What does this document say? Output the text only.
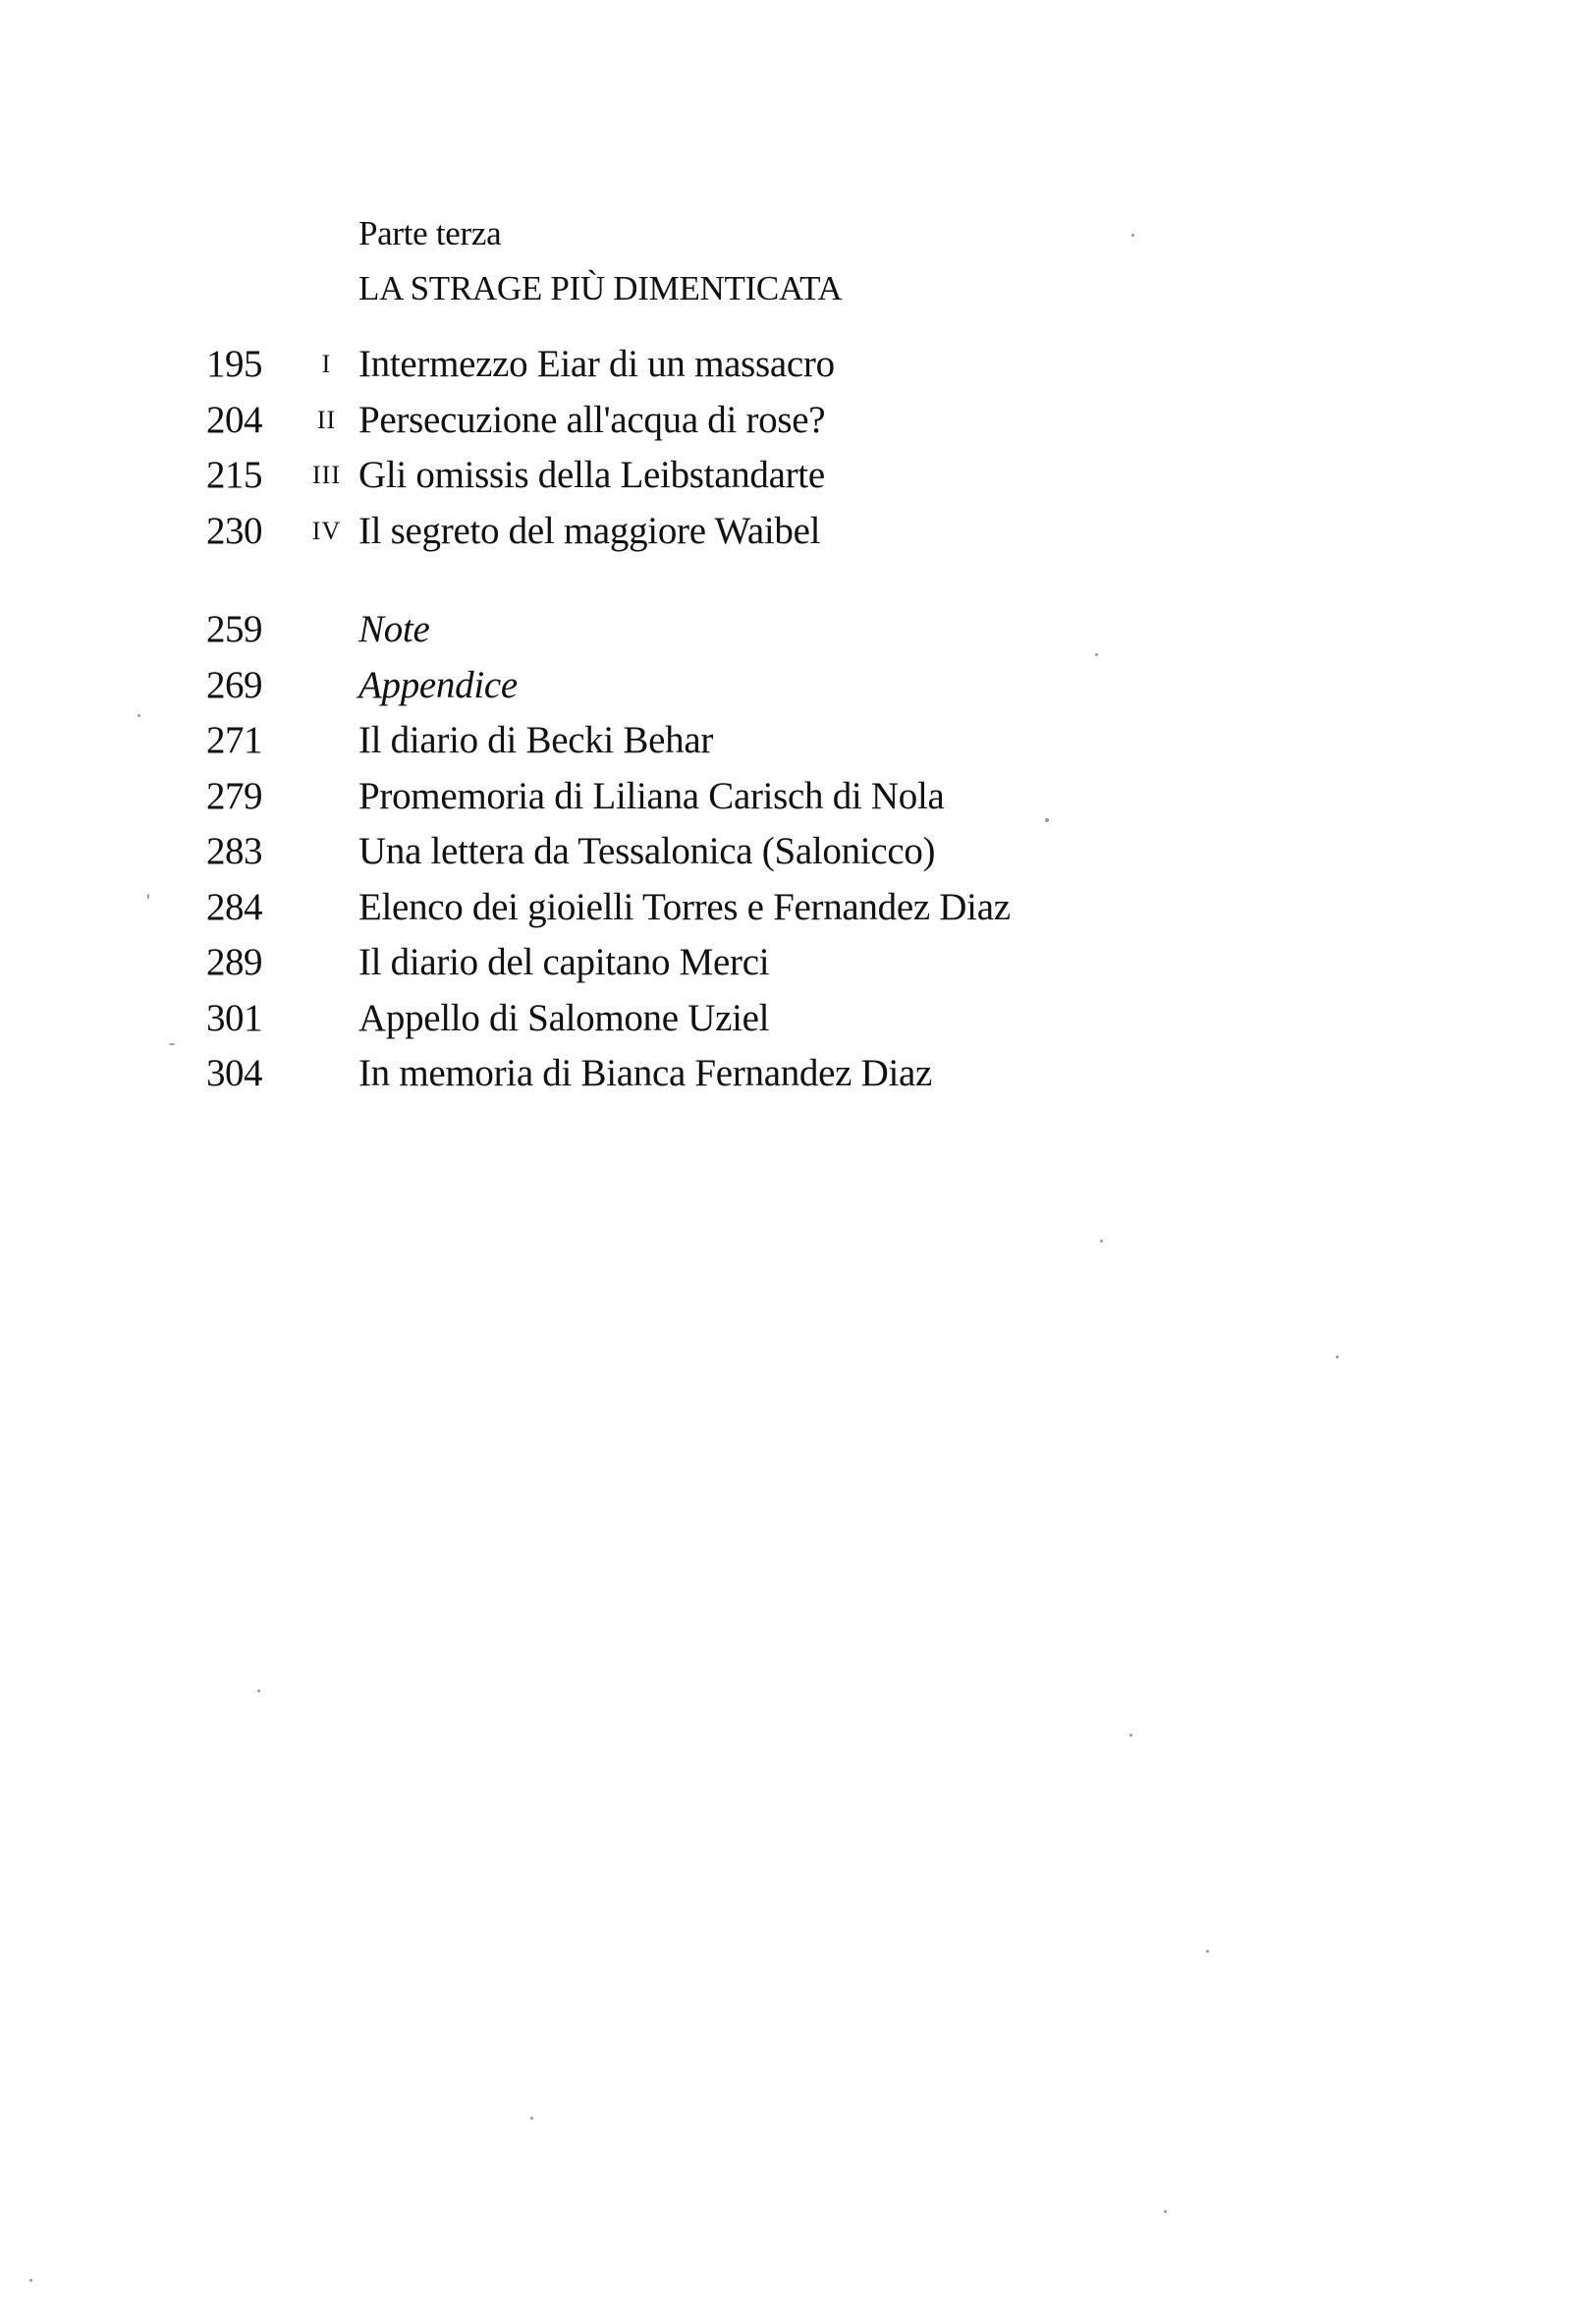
Parte terza
LA STRAGE PIÙ DIMENTICATA
195	I Intermezzo Eiar di un massacro
204	II Persecuzione all'acqua di rose?
215	III Gli omissis della Leibstandarte
230	IV Il segreto del maggiore Waibel
259	Note
269	Appendice
271	Il diario di Becki Behar
279	Promemoria di Liliana Carisch di Nola
283	Una lettera da Tessalonica (Salonicco)
284	Elenco dei gioielli Torres e Fernandez Diaz
289	Il diario del capitano Merci
301	Appello di Salomone Uziel
304	In memoria di Bianca Fernandez Diaz
